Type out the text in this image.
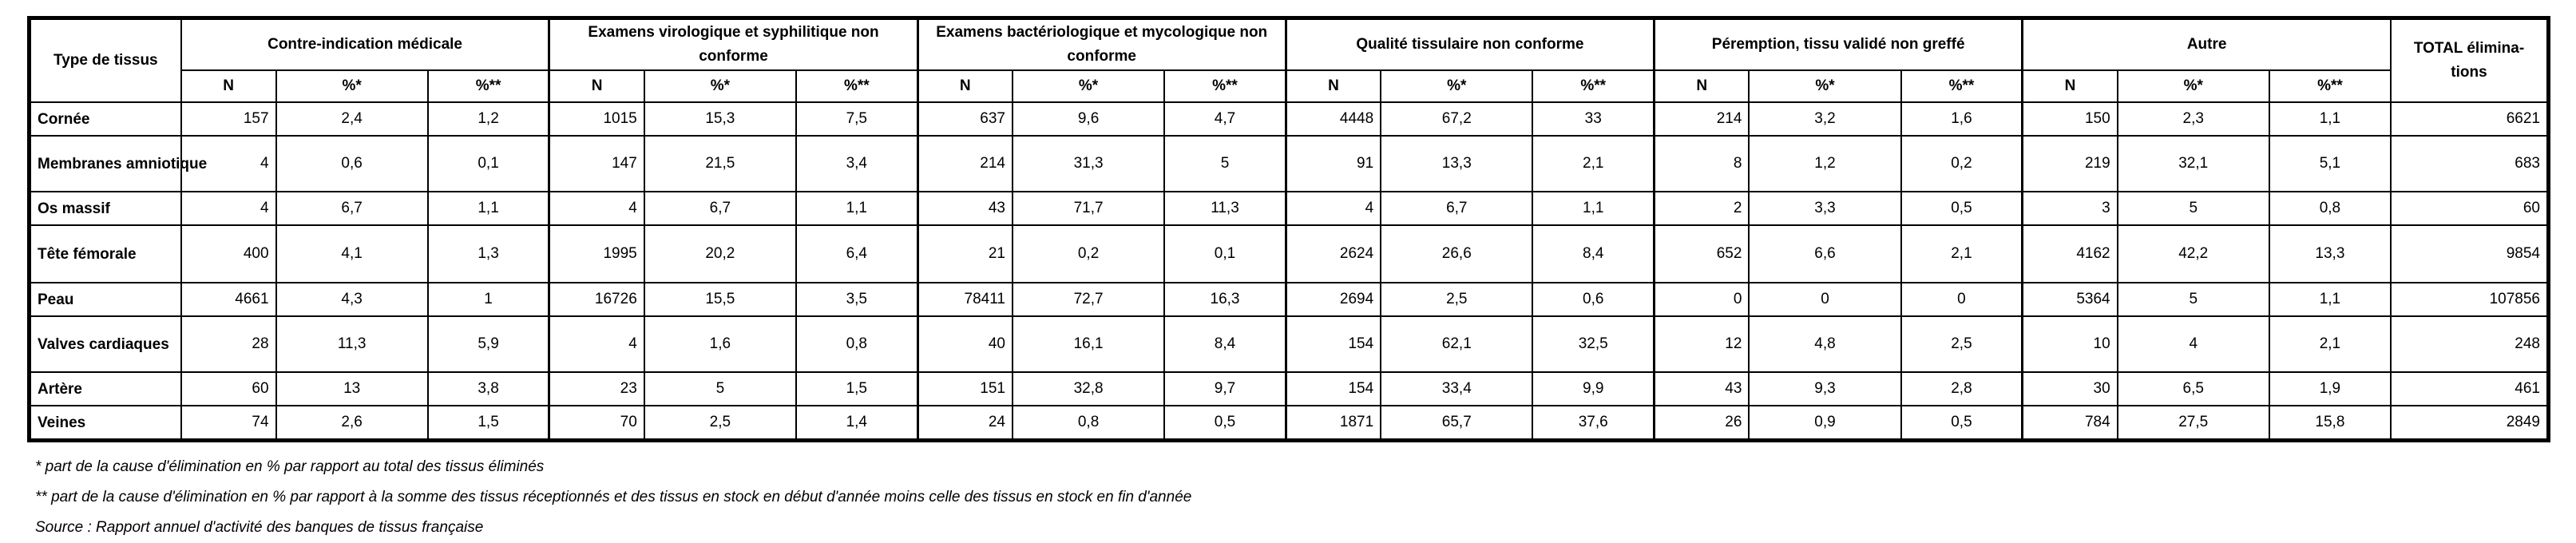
Type de tissus	Contre-indication médicale			Examens virologique et syphilitique non conforme			Examens bactériologique et mycologique non conforme			Qualité tissulaire non conforme			Péremption, tissu validé non greffé			Autre			TOTAL élimina-tions
	N	%*	%**	N	%*	%**	N	%*	%**	N	%*	%**	N	%*	%**	N	%*	%**	
Cornée	157	2,4	1,2	1015	15,3	7,5	637	9,6	4,7	4448	67,2	33	214	3,2	1,6	150	2,3	1,1	6621
Membranes amniotique	4	0,6	0,1	147	21,5	3,4	214	31,3	5	91	13,3	2,1	8	1,2	0,2	219	32,1	5,1	683
Os massif	4	6,7	1,1	4	6,7	1,1	43	71,7	11,3	4	6,7	1,1	2	3,3	0,5	3	5	0,8	60
Tête fémorale	400	4,1	1,3	1995	20,2	6,4	21	0,2	0,1	2624	26,6	8,4	652	6,6	2,1	4162	42,2	13,3	9854
Peau	4661	4,3	1	16726	15,5	3,5	78411	72,7	16,3	2694	2,5	0,6	0	0	0	5364	5	1,1	107856
Valves cardiaques	28	11,3	5,9	4	1,6	0,8	40	16,1	8,4	154	62,1	32,5	12	4,8	2,5	10	4	2,1	248
Artère	60	13	3,8	23	5	1,5	151	32,8	9,7	154	33,4	9,9	43	9,3	2,8	30	6,5	1,9	461
Veines	74	2,6	1,5	70	2,5	1,4	24	0,8	0,5	1871	65,7	37,6	26	0,9	0,5	784	27,5	15,8	2849

* part de la cause d'élimination en % par rapport au total des tissus éliminés

** part de la cause d'élimination en % par rapport à la somme des tissus réceptionnés et des tissus en stock en début d'année moins celle des tissus en stock en fin d'année

Source : Rapport annuel d'activité des banques de tissus française
